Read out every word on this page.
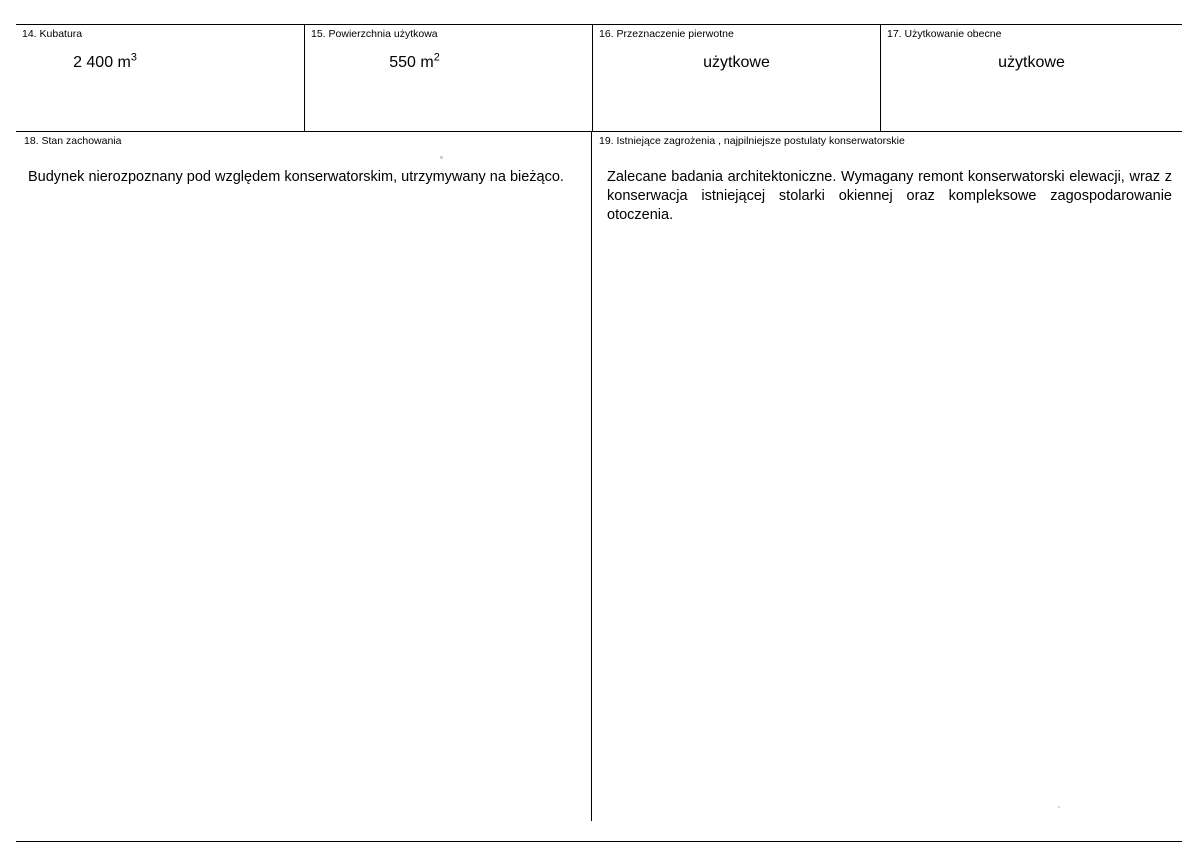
14. Kubatura
2 400 $m^3$
15. Powierzchnia użytkowa
550 $m^2$
16. Przeznaczenie pierwotne
użytkowe
17. Użytkowanie obecne
użytkowe
18. Stan zachowania
Budynek nierozpoznany pod względem konserwatorskim, utrzymywany na bieżąco.
19. Istniejące zagrożenia , najpilniejsze postulaty konserwatorskie
Zalecane badania architektoniczne. Wymagany remont konserwatorski elewacji, wraz z konserwacja istniejącej stolarki okiennej oraz kompleksowe zagospodarowanie otoczenia.
